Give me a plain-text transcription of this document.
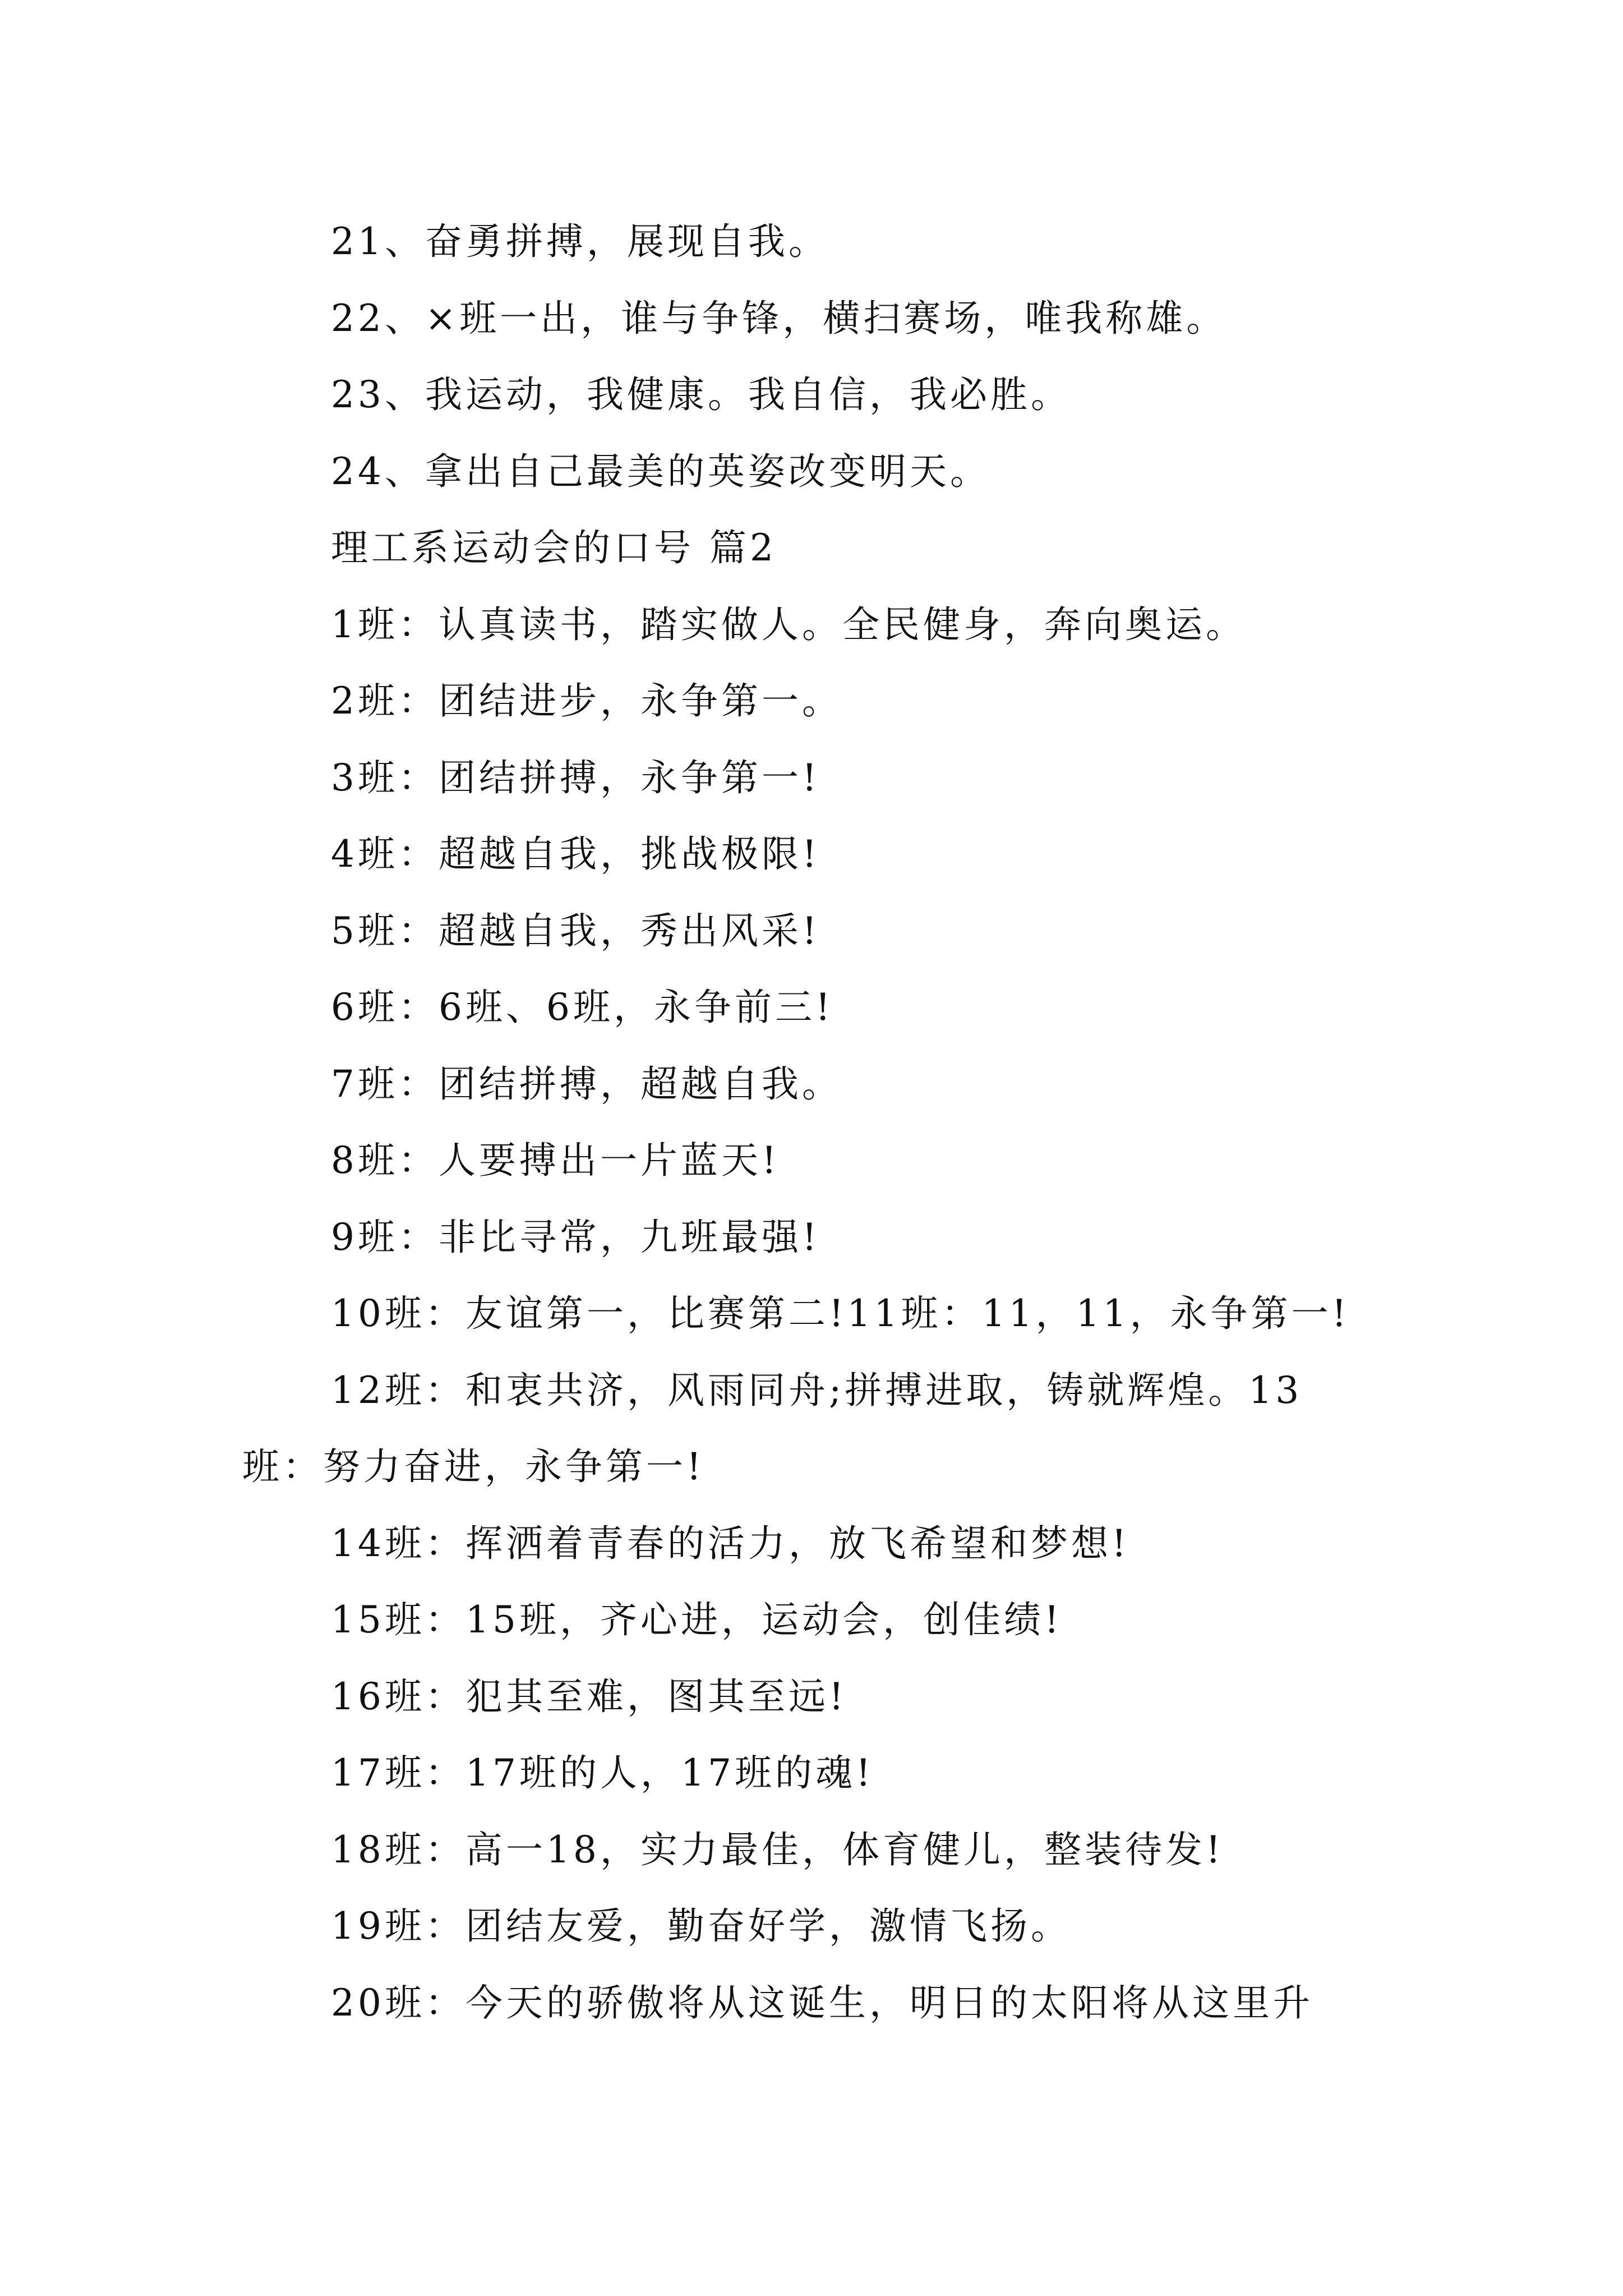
21、奋勇拼搏，展现自我。
22、×班一出，谁与争锋，横扫赛场，唯我称雄。
23、我运动，我健康。我自信，我必胜。
24、拿出自己最美的英姿改变明天。
理工系运动会的口号 篇2
1班：认真读书，踏实做人。全民健身，奔向奥运。
2班：团结进步，永争第一。
3班：团结拼搏，永争第一!
4班：超越自我，挑战极限!
5班：超越自我，秀出风采!
6班：6班、6班，永争前三!
7班：团结拼搏，超越自我。
8班：人要搏出一片蓝天!
9班：非比寻常，九班最强!
10班：友谊第一，比赛第二!11班：11，11，永争第一!
12班：和衷共济，风雨同舟;拼搏进取，铸就辉煌。13
班：努力奋进，永争第一!
14班：挥洒着青春的活力，放飞希望和梦想!
15班：15班，齐心进，运动会，创佳绩!
16班：犯其至难，图其至远!
17班：17班的人，17班的魂!
18班：高一18，实力最佳，体育健儿，整装待发!
19班：团结友爱，勤奋好学，激情飞扬。
20班：今天的骄傲将从这诞生，明日的太阳将从这里升
